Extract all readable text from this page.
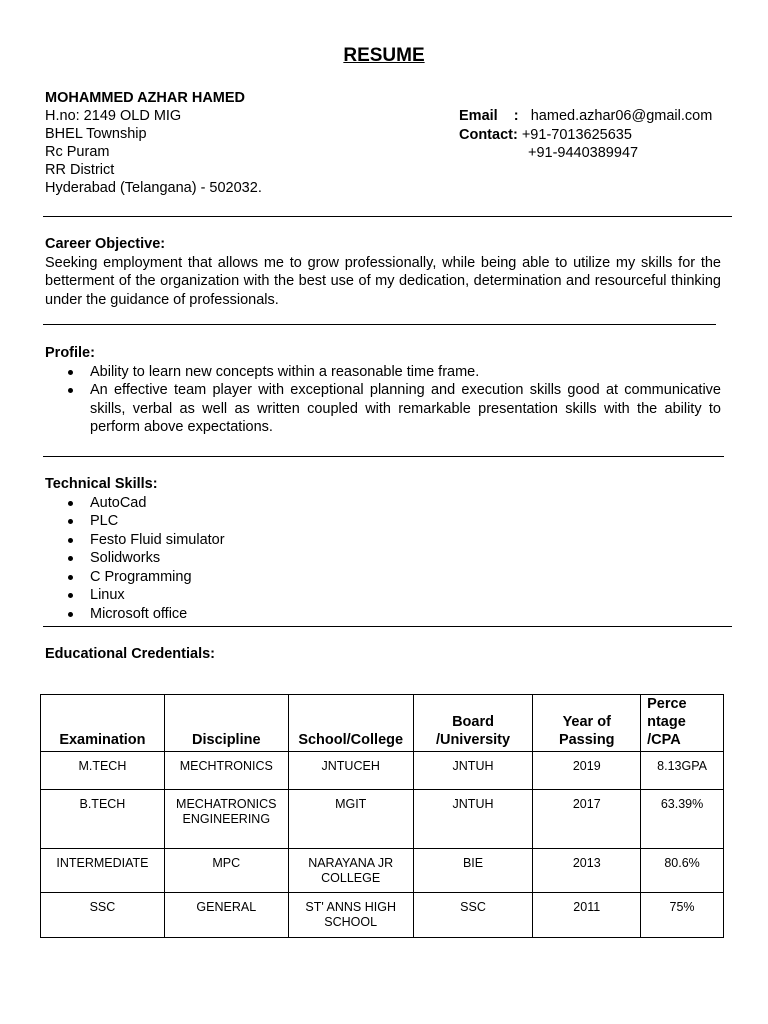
RESUME
MOHAMMED AZHAR HAMED
H.no: 2149 OLD MIG
BHEL Township
Rc Puram
RR District
Hyderabad (Telangana) - 502032.
Email    : hamed.azhar06@gmail.com
Contact: +91-7013625635
+91-9440389947
Career Objective:
Seeking employment that allows me to grow professionally, while being able to utilize my skills for the betterment of the organization with the best use of my dedication, determination and resourceful thinking under the guidance of professionals.
Profile:
Ability to learn new concepts within a reasonable time frame.
An effective team player with exceptional planning and execution skills good at communicative skills, verbal as well as written coupled with remarkable presentation skills with the ability to perform above expectations.
Technical Skills:
AutoCad
PLC
Festo Fluid simulator
Solidworks
C Programming
Linux
Microsoft office
Educational Credentials:
Examination	Discipline	School/College	Board /University	Year of Passing	Perce ntage /CPA
M.TECH	MECHTRONICS	JNTUCEH	JNTUH	2019	8.13GPA
B.TECH	MECHATRONICS ENGINEERING	MGIT	JNTUH	2017	63.39%
INTERMEDIATE	MPC	NARAYANA JR COLLEGE	BIE	2013	80.6%
SSC	GENERAL	ST' ANNS HIGH SCHOOL	SSC	2011	75%
